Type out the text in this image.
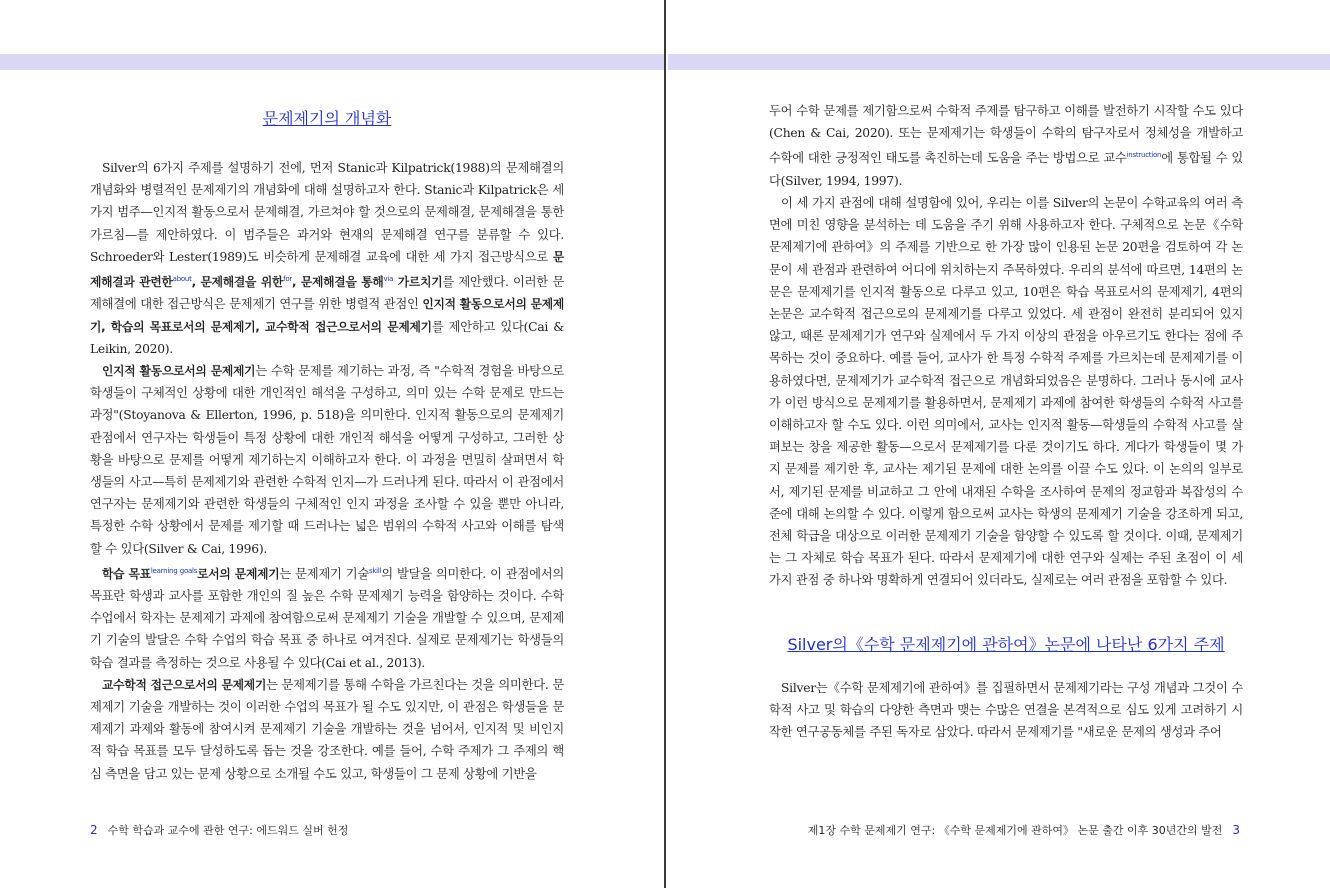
문제제기의 개념화

Silver의 6가지 주제를 설명하기 전에, 먼저 Stanic과 Kilpatrick(1988)의 문제해결의 개념화와 병렬적인 문제제기의 개념화에 대해 설명하고자 한다. Stanic과 Kilpatrick은 세 가지 범주—인지적 활동으로서 문제해결, 가르쳐야 할 것으로의 문제해결, 문제해결을 통한 가르침—를 제안하였다. 이 범주들은 과거와 현재의 문제해결 연구를 분류할 수 있다. Schroeder와 Lester(1989)도 비슷하게 문제해결 교육에 대한 세 가지 접근방식으로 문제해결과 관련한$^{about}$, 문제해결을 위한$^{for}$, 문제해결을 통해$^{via}$ 가르치기를 제안했다. 이러한 문제해결에 대한 접근방식은 문제제기 연구를 위한 병렬적 관점인 인지적 활동으로서의 문제제기, 학습의 목표로서의 문제제기, 교수학적 접근으로서의 문제제기를 제안하고 있다(Cai & Leikin, 2020).

인지적 활동으로서의 문제제기는 수학 문제를 제기하는 과정, 즉 "수학적 경험을 바탕으로 학생들이 구체적인 상황에 대한 개인적인 해석을 구성하고, 의미 있는 수학 문제로 만드는 과정"(Stoyanova & Ellerton, 1996, p. 518)을 의미한다. 인지적 활동으로의 문제제기 관점에서 연구자는 학생들이 특정 상황에 대한 개인적 해석을 어떻게 구성하고, 그러한 상황을 바탕으로 문제를 어떻게 제기하는지 이해하고자 한다. 이 과정을 면밀히 살펴면서 학생들의 사고—특히 문제제기와 관련한 수학적 인지—가 드러나게 된다. 따라서 이 관점에서 연구자는 문제제기와 관련한 학생들의 구체적인 인지 과정을 조사할 수 있을 뿐만 아니라, 특정한 수학 상황에서 문제를 제기할 때 드러나는 넓은 범위의 수학적 사고와 이해를 탐색할 수 있다(Silver & Cai, 1996).

학습 목표$^{learning goals}$로서의 문제제기는 문제제기 기술$^{skill}$의 발달을 의미한다. 이 관점에서의 목표란 학생과 교사를 포함한 개인의 질 높은 수학 문제제기 능력을 함양하는 것이다. 수학 수업에서 학자는 문제제기 과제에 참여함으로써 문제제기 기술을 개발할 수 있으며, 문제제기 기술의 발달은 수학 수업의 학습 목표 중 하나로 여겨진다. 실제로 문제제기는 학생들의 학습 결과를 측정하는 것으로 사용될 수 있다(Cai et al., 2013).

교수학적 접근으로서의 문제제기는 문제제기를 통해 수학을 가르친다는 것을 의미한다. 문제제기 기술을 개발하는 것이 이러한 수업의 목표가 될 수도 있지만, 이 관점은 학생들을 문제제기 과제와 활동에 참여시켜 문제제기 기술을 개발하는 것을 넘어서, 인지적 및 비인지적 학습 목표를 모두 달성하도록 돕는 것을 강조한다. 예를 들어, 수학 주제가 그 주제의 핵심 측면을 담고 있는 문제 상황으로 소개될 수도 있고, 학생들이 그 문제 상황에 기반을

2 수학 학습과 교수에 관한 연구: 에드워드 실버 헌정

두어 수학 문제를 제기함으로써 수학적 주제를 탐구하고 이해를 발전하기 시작할 수도 있다(Chen & Cai, 2020). 또는 문제제기는 학생들이 수학의 탐구자로서 정체성을 개발하고 수학에 대한 긍정적인 태도를 촉진하는데 도움을 주는 방법으로 교수$^{instruction}$에 통합될 수 있다(Silver, 1994, 1997).

이 세 가지 관점에 대해 설명함에 있어, 우리는 이를 Silver의 논문이 수학교육의 여러 측면에 미친 영향을 분석하는 데 도움을 주기 위해 사용하고자 한다. 구체적으로 논문《수학 문제제기에 관하여》의 주제를 기반으로 한 가장 많이 인용된 논문 20편을 검토하여 각 논문이 세 관점과 관련하여 어디에 위치하는지 주목하였다. 우리의 분석에 따르면, 14편의 논문은 문제제기를 인지적 활동으로 다루고 있고, 10편은 학습 목표로서의 문제제기, 4편의 논문은 교수학적 접근으로의 문제제기를 다루고 있었다. 세 관점이 완전히 분리되어 있지 않고, 때론 문제제기가 연구와 실제에서 두 가지 이상의 관점을 아우르기도 한다는 점에 주목하는 것이 중요하다. 예를 들어, 교사가 한 특정 수학적 주제를 가르치는데 문제제기를 이용하였다면, 문제제기가 교수학적 접근으로 개념화되었음은 분명하다. 그러나 동시에 교사가 이런 방식으로 문제제기를 활용하면서, 문제제기 과제에 참여한 학생들의 수학적 사고를 이해하고자 할 수도 있다. 이런 의미에서, 교사는 인지적 활동—학생들의 수학적 사고를 살펴보는 창을 제공한 활동—으로서 문제제기를 다룬 것이기도 하다. 게다가 학생들이 몇 가지 문제를 제기한 후, 교사는 제기된 문제에 대한 논의를 이끌 수도 있다. 이 논의의 일부로서, 제기된 문제를 비교하고 그 안에 내재된 수학을 조사하여 문제의 정교함과 복잡성의 수준에 대해 논의할 수 있다. 이렇게 함으로써 교사는 학생의 문제제기 기술을 강조하게 되고, 전체 학급을 대상으로 이러한 문제제기 기술을 함양할 수 있도록 할 것이다. 이때, 문제제기는 그 자체로 학습 목표가 된다. 따라서 문제제기에 대한 연구와 실제는 주된 초점이 이 세 가지 관점 중 하나와 명확하게 연결되어 있더라도, 실제로는 여러 관점을 포함할 수 있다.

Silver의《수학 문제제기에 관하여》논문에 나타난 6가지 주제

Silver는《수학 문제제기에 관하여》를 집필하면서 문제제기라는 구성 개념과 그것이 수학적 사고 및 학습의 다양한 측면과 맺는 수많은 연결을 본격적으로 심도 있게 고려하기 시작한 연구공동체를 주된 독자로 삼았다. 따라서 문제제기를 "새로운 문제의 생성과 주어

제1장 수학 문제제기 연구: 《수학 문제제기에 관하여》 논문 출간 이후 30년간의 발전 3
